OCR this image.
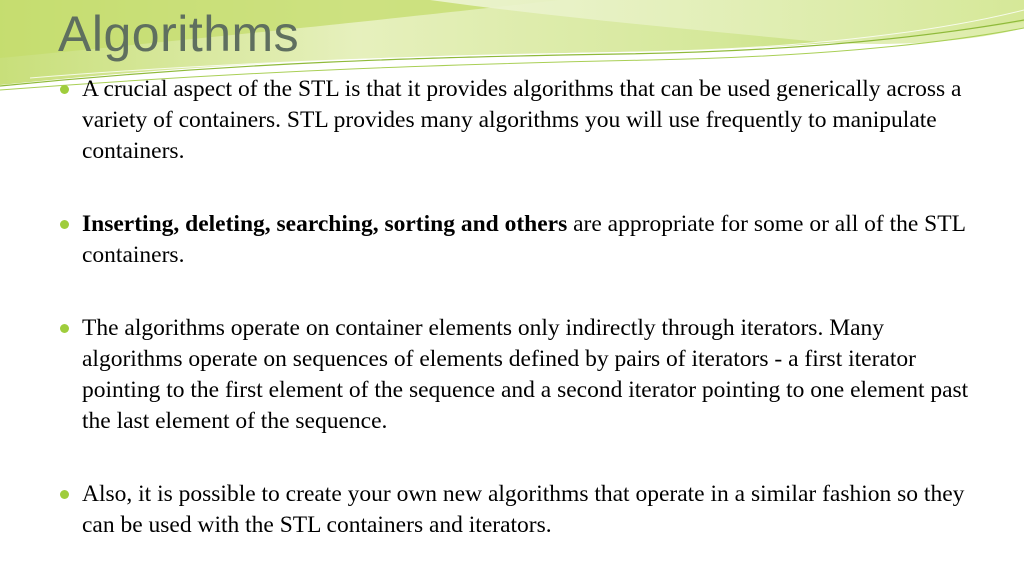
Algorithms
A crucial aspect of the STL is that it provides algorithms that can be used generically across a variety of containers. STL provides many algorithms you will use frequently to manipulate containers.
Inserting, deleting, searching, sorting and others are appropriate for some or all of the STL containers.
The algorithms operate on container elements only indirectly through iterators. Many algorithms operate on sequences of elements defined by pairs of iterators - a first iterator pointing to the first element of the sequence and a second iterator pointing to one element past the last element of the sequence.
Also, it is possible to create your own new algorithms that operate in a similar fashion so they can be used with the STL containers and iterators.
